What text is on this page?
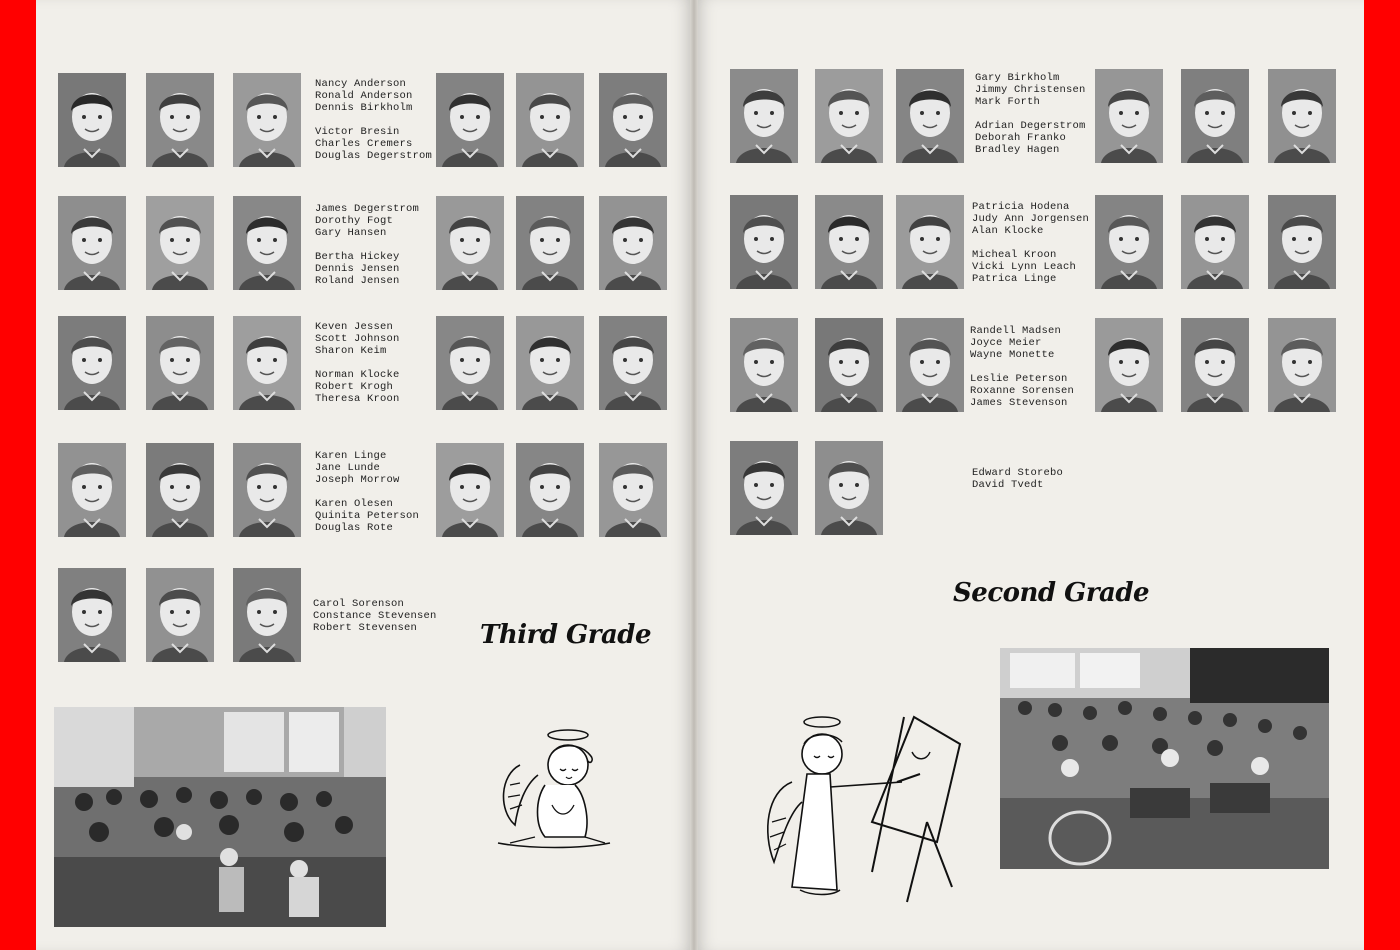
Nancy Anderson
Ronald Anderson
Dennis Birkholm
Victor Bresin
Charles Cremers
Douglas Degerstrom
James Degerstrom
Dorothy Fogt
Gary Hansen
Bertha Hickey
Dennis Jensen
Roland Jensen
Keven Jessen
Scott Johnson
Sharon Keim
Norman Klocke
Robert Krogh
Theresa Kroon
Karen Linge
Jane Lunde
Joseph Morrow
Karen Olesen
Quinita Peterson
Douglas Rote
Carol Sorenson
Constance Stevensen
Robert Stevensen
Gary Birkholm
Jimmy Christensen
Mark Forth
Adrian Degerstrom
Deborah Franko
Bradley Hagen
Patricia Hodena
Judy Ann Jorgensen
Alan Klocke
Micheal Kroon
Vicki Lynn Leach
Patrica Linge
Randell Madsen
Joyce Meier
Wayne Monette
Leslie Peterson
Roxanne Sorensen
James Stevenson
Edward Storebo
David Tvedt
Third Grade
Second Grade
